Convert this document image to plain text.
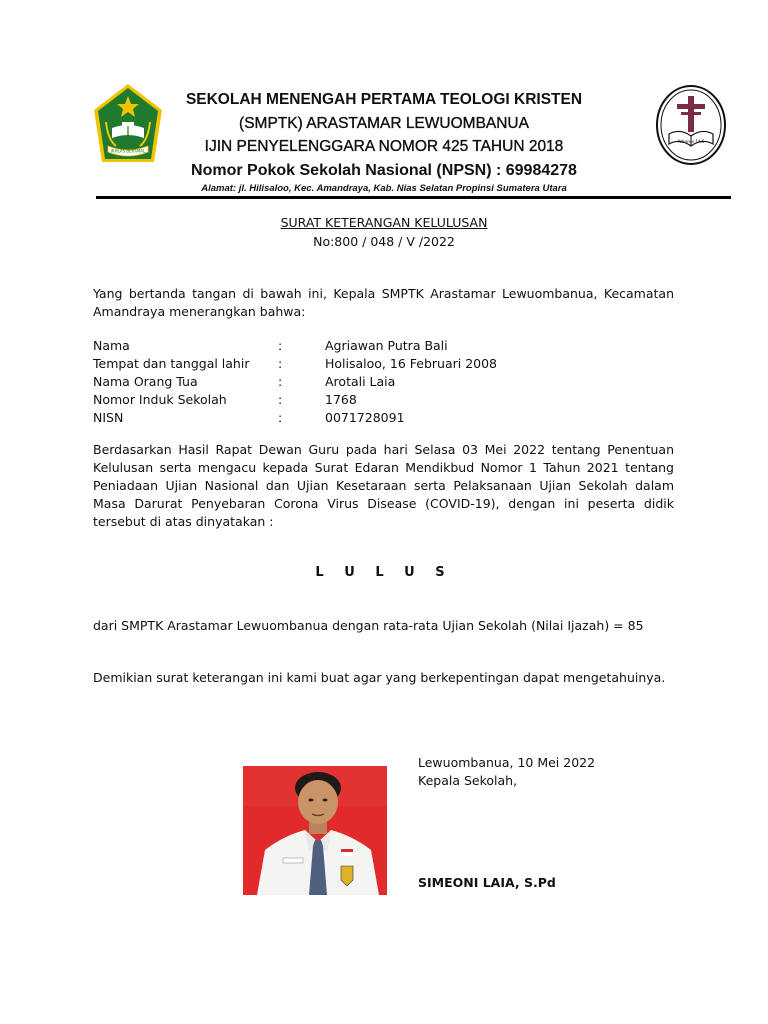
IKHLAS BERAMAL
SEKOLAH MENENGAH PERTAMA TEOLOGI KRISTEN
(SMPTK) ARASTAMAR LEWUOMBANUA
IJIN PENYELENGGARA NOMOR 425 TAHUN 2018
Nomor Pokok Sekolah Nasional (NPSN) : 69984278
Alamat: jl. Hilisaloo, Kec. Amandraya, Kab. Nias Selatan Propinsi Sumatera Utara
Yohanes 14:6
SURAT KETERANGAN KELULUSAN
No:800 / 048 / V /2022
Yang bertanda tangan di bawah ini, Kepala SMPTK Arastamar Lewuombanua, Kecamatan
Amandraya menerangkan bahwa:
Nama	:	Agriawan Putra Bali
Tempat dan tanggal lahir :	Holisaloo, 16 Februari 2008
Nama Orang Tua	:	Arotali Laia
Nomor Induk Sekolah	:	1768
NISN	:	0071728091
Berdasarkan Hasil Rapat Dewan Guru pada hari Selasa 03 Mei 2022 tentang Penentuan
Kelulusan serta mengacu kepada Surat Edaran Mendikbud Nomor 1 Tahun 2021 tentang
Peniadaan Ujian Nasional dan Ujian Kesetaraan serta Pelaksanaan Ujian Sekolah dalam
Masa Darurat Penyebaran Corona Virus Disease (COVID-19), dengan ini peserta didik
tersebut di atas dinyatakan :
L U L U S
dari SMPTK Arastamar Lewuombanua dengan rata-rata Ujian Sekolah (Nilai Ijazah) = 85
Demikian surat keterangan ini kami buat agar yang berkepentingan dapat mengetahuinya.
Lewuombanua, 10 Mei 2022
Kepala Sekolah,
SIMEONI LAIA, S.Pd
